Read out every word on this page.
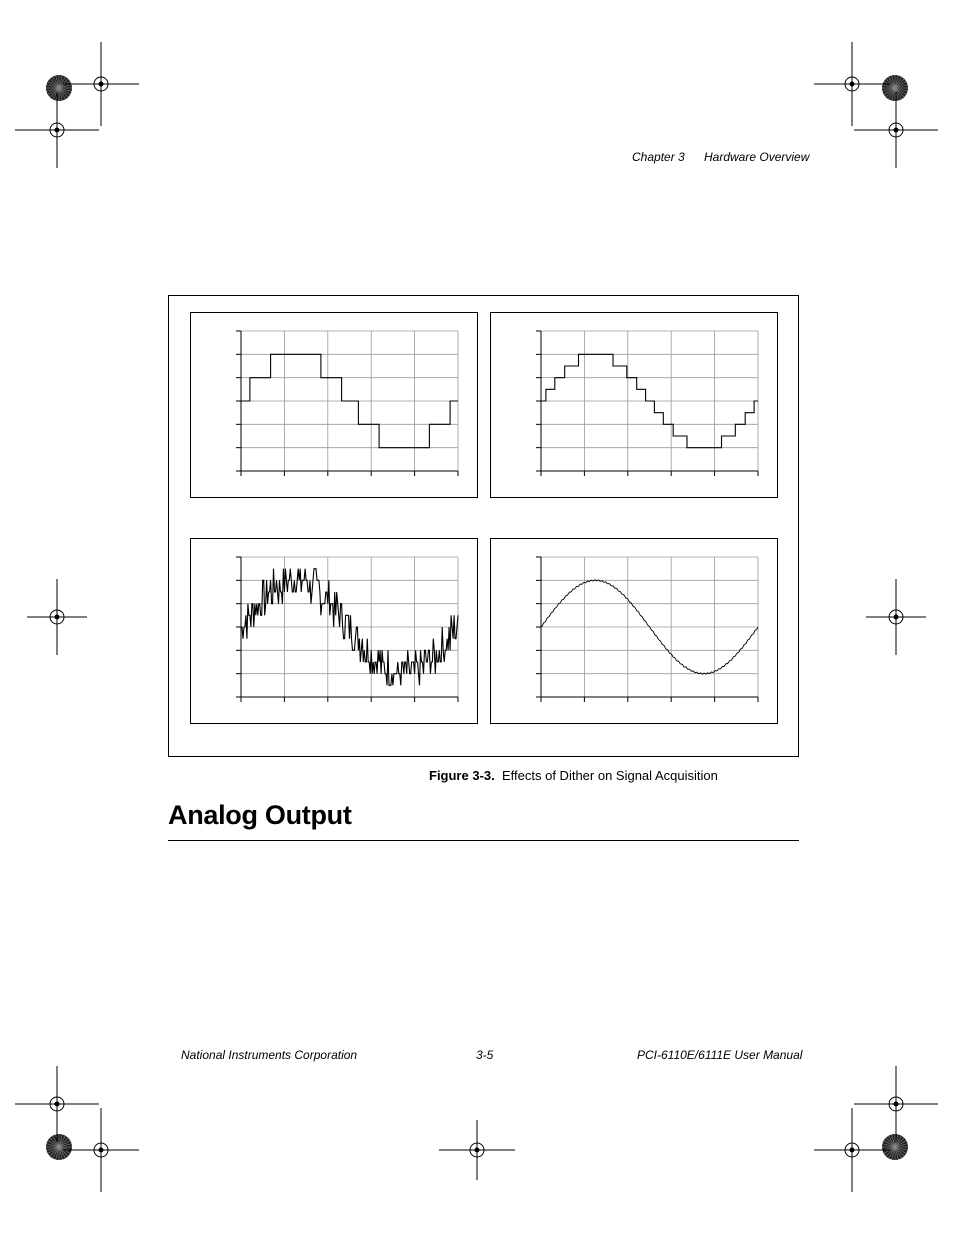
Chapter 3 Hardware Overview
Figure 3-3. Effects of Dither on Signal Acquisition
Analog Output
National Instruments Corporation	3-5	PCI-6110E/6111E User Manual
